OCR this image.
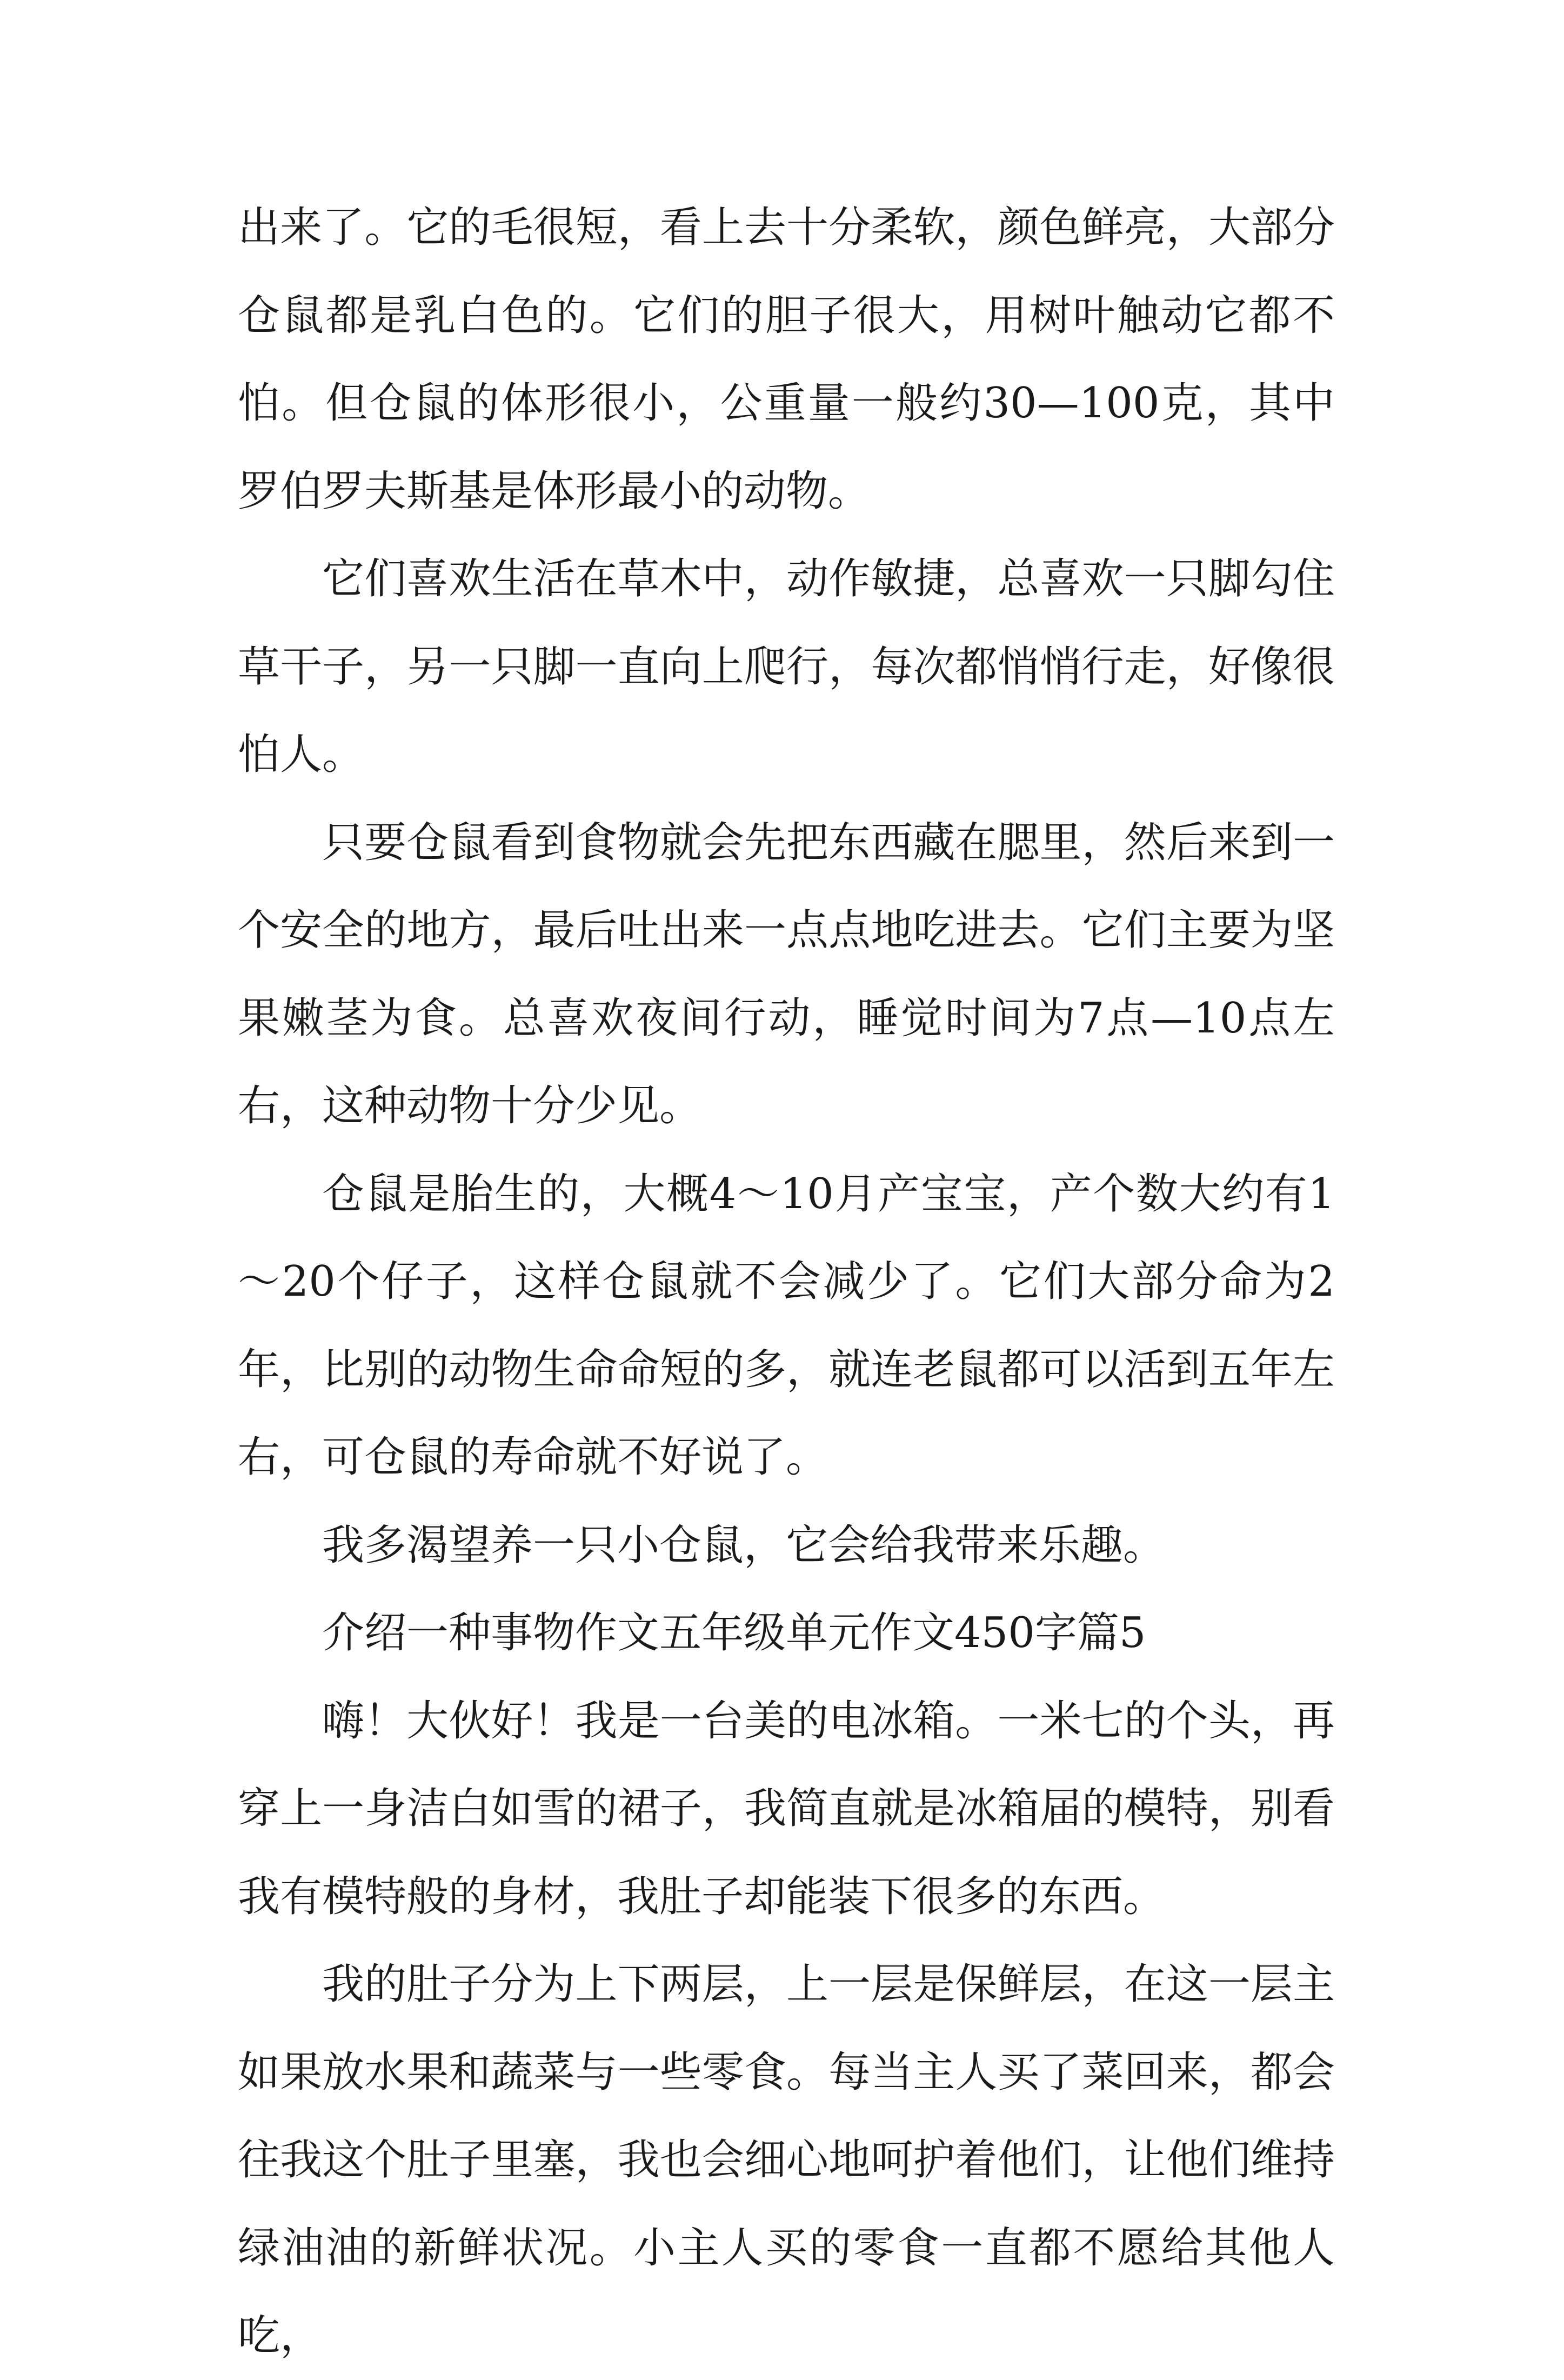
出来了。它的毛很短，看上去十分柔软，颜色鲜亮，大部分仓鼠都是乳白色的。它们的胆子很大，用树叶触动它都不怕。但仓鼠的体形很小，公重量一般约30—100克，其中罗伯罗夫斯基是体形最小的动物。

它们喜欢生活在草木中，动作敏捷，总喜欢一只脚勾住草干子，另一只脚一直向上爬行，每次都悄悄行走，好像很怕人。

只要仓鼠看到食物就会先把东西藏在腮里，然后来到一个安全的地方，最后吐出来一点点地吃进去。它们主要为坚果嫩茎为食。总喜欢夜间行动，睡觉时间为7点—10点左右，这种动物十分少见。

仓鼠是胎生的，大概4～10月产宝宝，产个数大约有1～20个仔子，这样仓鼠就不会减少了。它们大部分命为2年，比别的动物生命命短的多，就连老鼠都可以活到五年左右，可仓鼠的寿命就不好说了。

我多渴望养一只小仓鼠，它会给我带来乐趣。

介绍一种事物作文五年级单元作文450字篇5

嗨！大伙好！我是一台美的电冰箱。一米七的个头，再穿上一身洁白如雪的裙子，我简直就是冰箱届的模特，别看我有模特般的身材，我肚子却能装下很多的东西。

我的肚子分为上下两层，上一层是保鲜层，在这一层主如果放水果和蔬菜与一些零食。每当主人买了菜回来，都会往我这个肚子里塞，我也会细心地呵护着他们，让他们维持绿油油的新鲜状况。小主人买的零食一直都不愿给其他人吃，
